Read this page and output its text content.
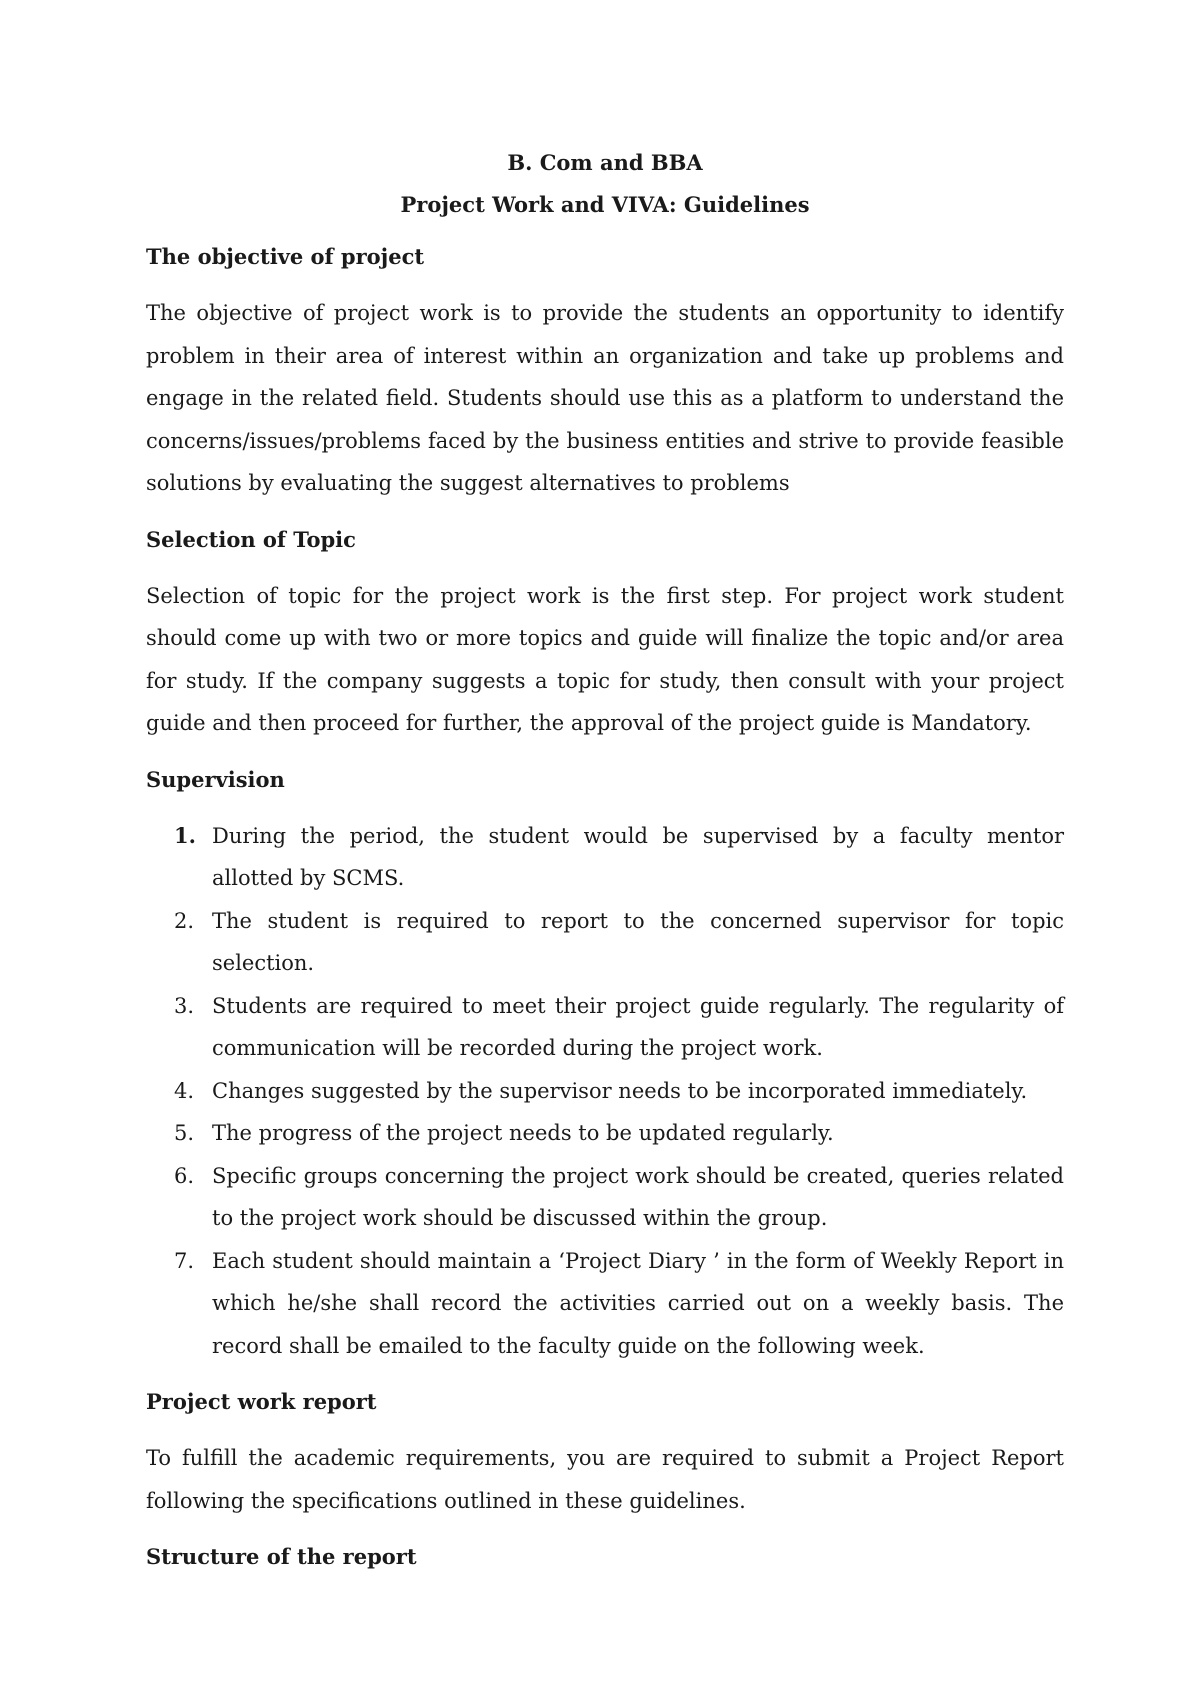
B. Com and BBA

Project Work and VIVA: Guidelines

The objective of project

The objective of project work is to provide the students an opportunity to identify problem in their area of interest within an organization and take up problems and engage in the related field. Students should use this as a platform to understand the concerns/issues/problems faced by the business entities and strive to provide feasible solutions by evaluating the suggest alternatives to problems

Selection of Topic

Selection of topic for the project work is the first step. For project work student should come up with two or more topics and guide will finalize the topic and/or area for study. If the company suggests a topic for study, then consult with your project guide and then proceed for further, the approval of the project guide is Mandatory.

Supervision
1. During the period, the student would be supervised by a faculty mentor allotted by SCMS.
2. The student is required to report to the concerned supervisor for topic selection.
3. Students are required to meet their project guide regularly. The regularity of communication will be recorded during the project work.
4. Changes suggested by the supervisor needs to be incorporated immediately.
5. The progress of the project needs to be updated regularly.
6. Specific groups concerning the project work should be created, queries related to the project work should be discussed within the group.
7. Each student should maintain a ‘Project Diary ’ in the form of Weekly Report in which he/she shall record the activities carried out on a weekly basis. The record shall be emailed to the faculty guide on the following week.
Project work report

To fulfill the academic requirements, you are required to submit a Project Report following the specifications outlined in these guidelines.

Structure of the report
